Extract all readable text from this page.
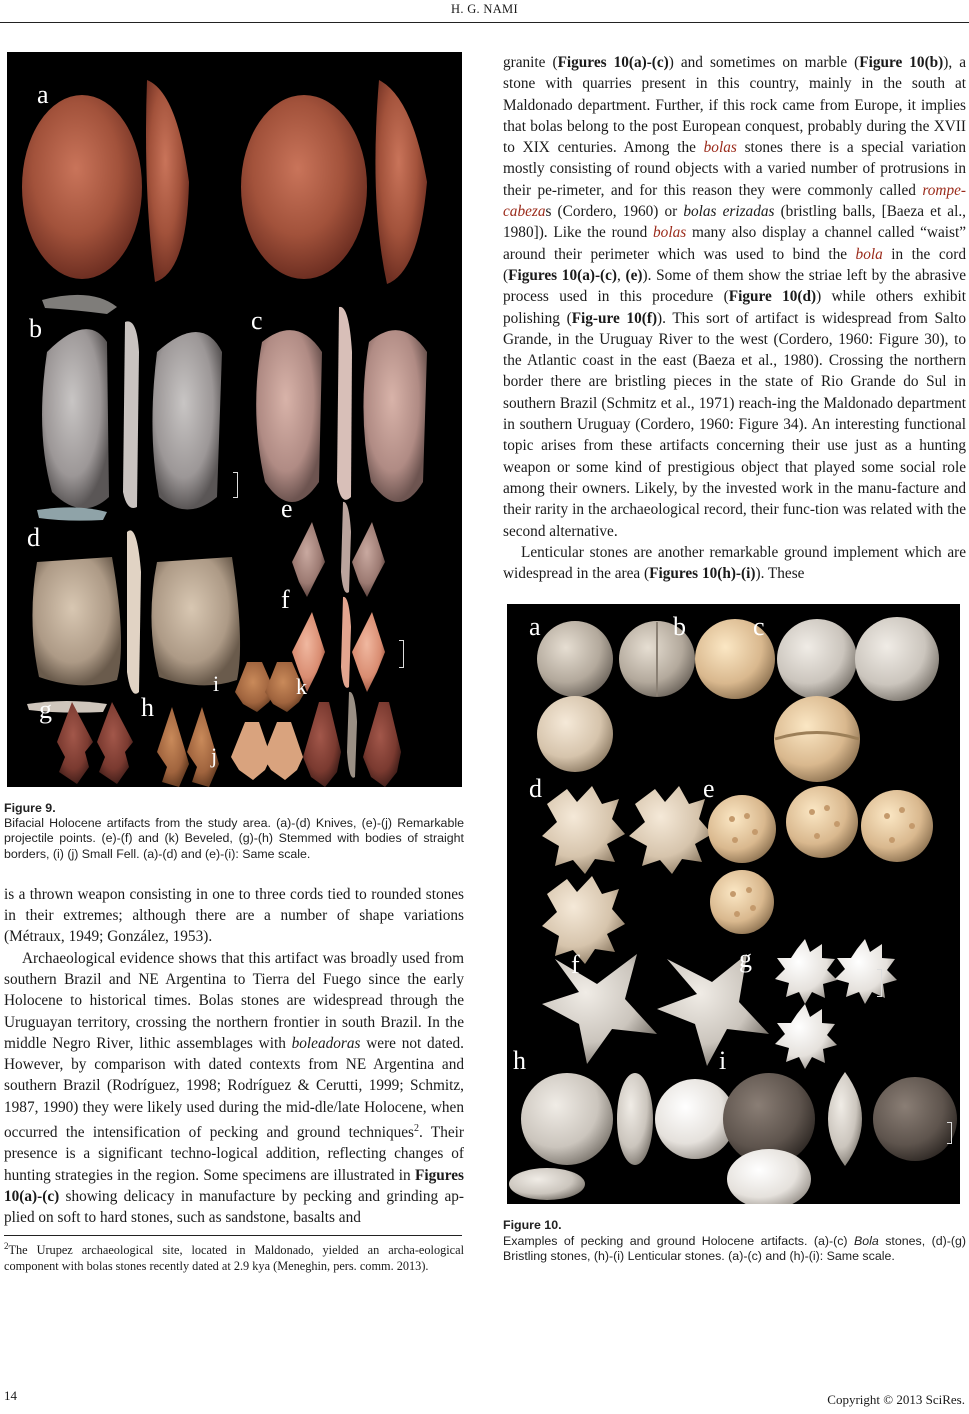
H. G. NAMI
a
b	c
d
e
f
g	h
i
j
k
Figure 9.
Bifacial Holocene artifacts from the study area. (a)-(d) Knives, (e)-(j) Remarkable projectile points. (e)-(f) and (k) Beveled, (g)-(h) Stemmed with bodies of straight borders, (i) (j) Small Fell. (a)-(d) and (e)-(i): Same scale.

is a thrown weapon consisting in one to three cords tied to rounded stones in their extremes; although there are a number of shape variations (Métraux, 1949; González, 1953).

Archaeological evidence shows that this artifact was broadly used from southern Brazil and NE Argentina to Tierra del Fuego since the early Holocene to historical times. Bolas stones are widespread through the Uruguayan territory, crossing the northern frontier in south Brazil. In the middle Negro River, lithic assemblages with boleadoras were not dated. However, by comparison with dated contexts from NE Argentina and southern Brazil (Rodríguez, 1998; Rodríguez & Cerutti, 1999; Schmitz, 1987, 1990) they were likely used during the mid-dle/late Holocene, when occurred the intensification of pecking and ground techniques$^2$. Their presence is a significant techno-logical addition, reflecting changes of hunting strategies in the region. Some specimens are illustrated in Figures 10(a)-(c) showing delicacy in manufacture by pecking and grinding ap-plied on soft to hard stones, such as sandstone, basalts and

$^2$The Urupez archaeological site, located in Maldonado, yielded an archa-eological component with bolas stones recently dated at 2.9 kya (Meneghin, pers. comm. 2013).

granite (Figures 10(a)-(c)) and sometimes on marble (Figure 10(b)), a stone with quarries present in this country, mainly in the south at Maldonado department. Further, if this rock came from Europe, it implies that bolas belong to the post European conquest, probably during the XVII to XIX centuries. Among the bolas stones there is a special variation mostly consisting of round objects with a varied number of protrusions in their pe-rimeter, and for this reason they were commonly called rompe-cabezas (Cordero, 1960) or bolas erizadas (bristling balls, [Baeza et al., 1980]). Like the round bolas many also display a channel called “waist” around their perimeter which was used to bind the bola in the cord (Figures 10(a)-(c), (e)). Some of them show the striae left by the abrasive process used in this procedure (Figure 10(d)) while others exhibit polishing (Fig-ure 10(f)). This sort of artifact is widespread from Salto Grande, in the Uruguay River to the west (Cordero, 1960: Figure 30), to the Atlantic coast in the east (Baeza et al., 1980). Crossing the northern border there are bristling pieces in the state of Rio Grande do Sul in southern Brazil (Schmitz et al., 1971) reach-ing the Maldonado department in southern Uruguay (Cordero, 1960: Figure 34). An interesting functional topic arises from these artifacts concerning their use just as a hunting weapon or some kind of prestigious object that played some social role among their owners. Likely, by the invested work in the manu-facture and their rarity in the archaeological record, their func-tion was related with the second alternative.

Lenticular stones are another remarkable ground implement which are widespread in the area (Figures 10(h)-(i)). These

a	b	c
d	e
f	g
h	i
Figure 10.
Examples of pecking and ground Holocene artifacts. (a)-(c) Bola stones, (d)-(g) Bristling stones, (h)-(i) Lenticular stones. (a)-(c) and (h)-(i): Same scale.
14	Copyright © 2013 SciRes.
